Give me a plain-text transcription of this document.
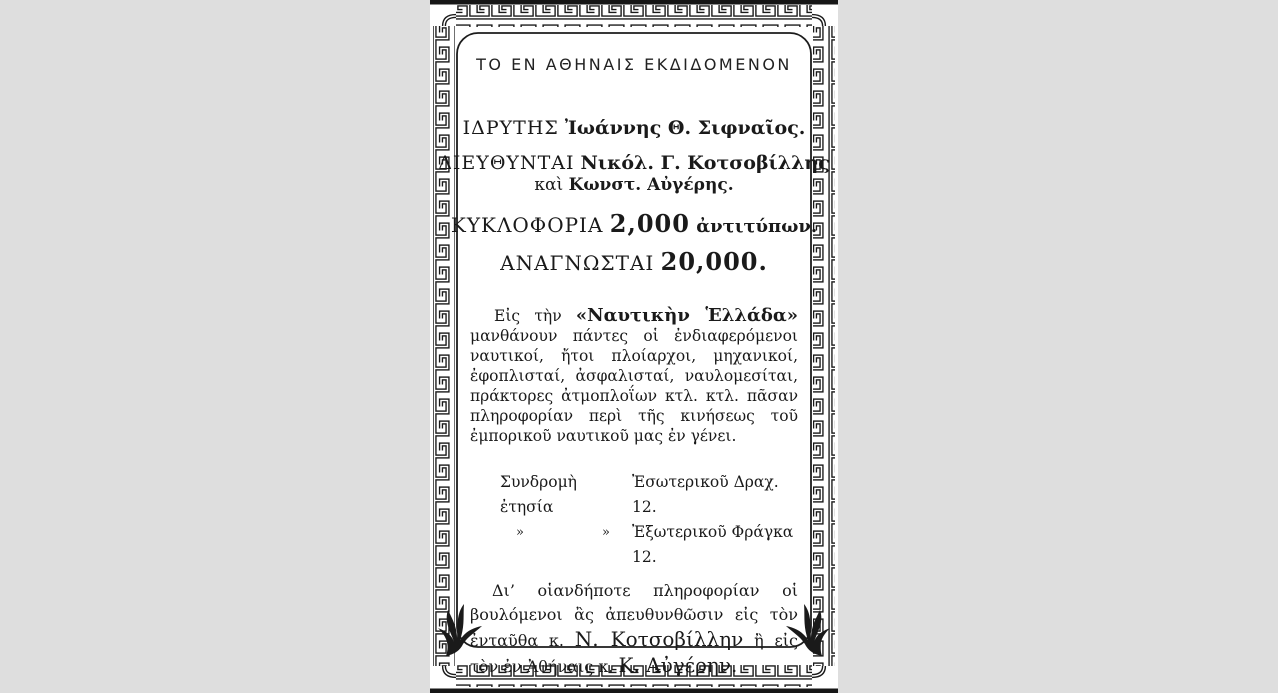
ΤΟ ΕΝ ΑΘΗΝΑΙΣ ΕΚΔΙΔΟΜΕΝΟΝ
ΙΔΡΥΤΗΣ Ἰωάννης Θ. Σιφναῖος.
ΔΙΕΥΘΥΝΤΑΙ Νικόλ. Γ. Κοτσοβίλλης
καὶ Κωνστ. Αὐγέρης.
ΚΥΚΛΟΦΟΡΙΑ 2,000 ἀντιτύπων.
ΑΝΑΓΝΩΣΤΑΙ 20,000.

Εἰς τὴν «Ναυτικὴν Ἑλλάδα» μανθάνουν πάντες οἱ ἐνδιαφερόμενοι ναυτικοί, ἤτοι πλοίαρχοι, μηχανικοί, ἐφοπλισταί, ἀσφαλισταί, ναυλομεσίται, πράκτορες ἀτμοπλοΐων κτλ. κτλ. πᾶσαν πληροφορίαν περὶ τῆς κινήσεως τοῦ ἐμπορικοῦ ναυτικοῦ μας ἐν γένει.

Συνδρομὴ ἐτησία
Ἐσωτερικοῦ Δραχ. 12.
»	» Ἐξωτερικοῦ Φράγκα 12.

Δι’ οἱανδήποτε πληροφορίαν οἱ βουλόμενοι ἂς ἀπευθυνθῶσιν εἰς τὸν ἐνταῦθα κ. Ν. Κοτσοβίλλην ἢ εἰς τὸν ἐν Ἀθήναις κ. Κ. Αὐγέρην.
